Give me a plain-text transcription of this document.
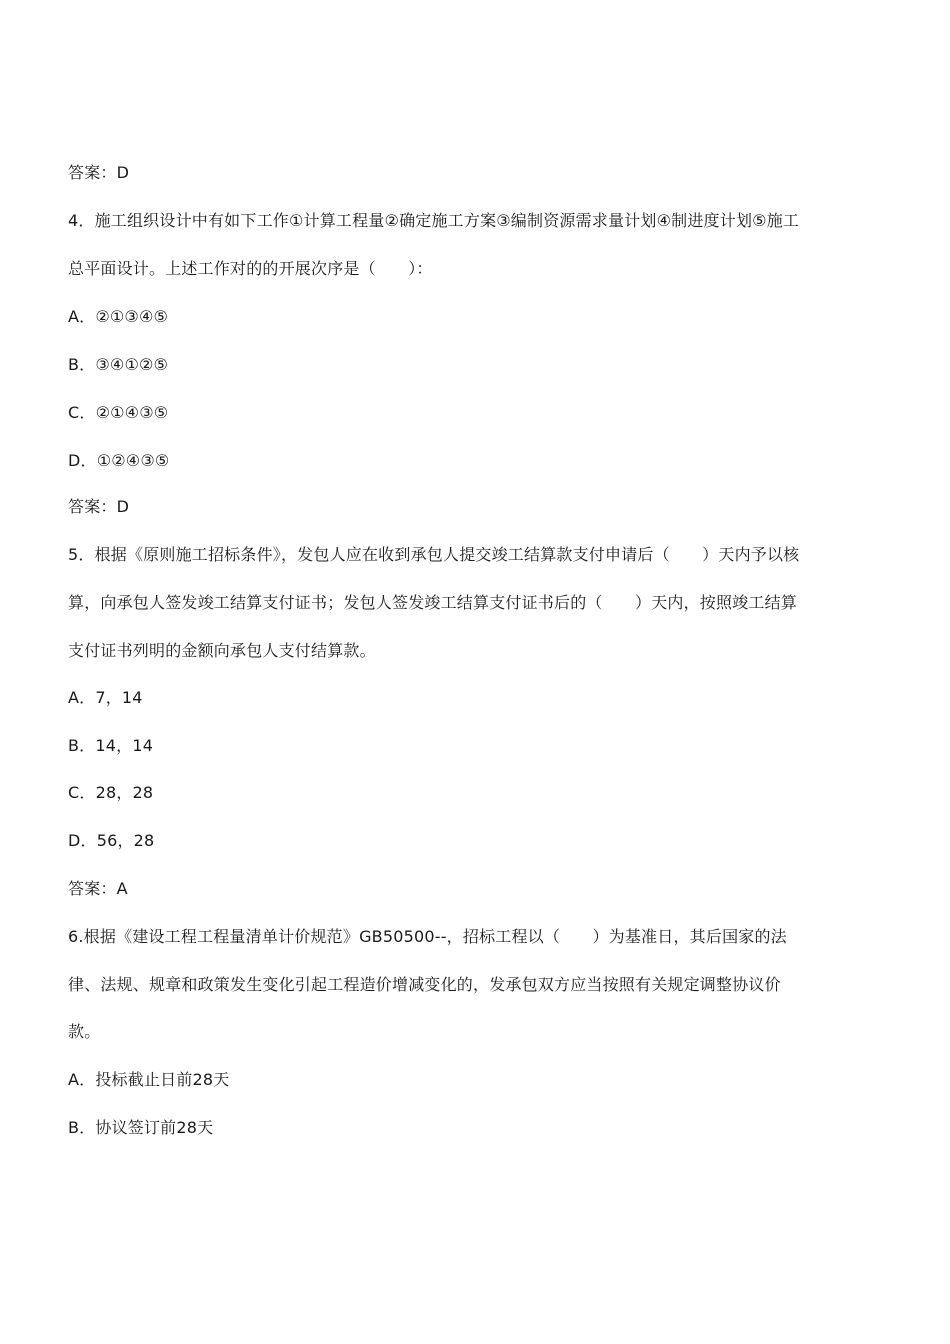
答案：D
4．施工组织设计中有如下工作①计算工程量②确定施工方案③编制资源需求量计划④制进度计划⑤施工
总平面设计。上述工作对的的开展次序是（　　）：
A．②①③④⑤
B．③④①②⑤
C．②①④③⑤
D．①②④③⑤
答案：D
5．根据《原则施工招标条件》，发包人应在收到承包人提交竣工结算款支付申请后（　　）天内予以核
算，向承包人签发竣工结算支付证书；发包人签发竣工结算支付证书后的（　　）天内，按照竣工结算
支付证书列明的金额向承包人支付结算款。
A．7，14
B．14，14
C．28，28
D．56，28
答案：A
6.根据《建设工程工程量清单计价规范》GB50500--，招标工程以（　　）为基准日，其后国家的法
律、法规、规章和政策发生变化引起工程造价增减变化的，发承包双方应当按照有关规定调整协议价
款。
A．投标截止日前28天
B．协议签订前28天
